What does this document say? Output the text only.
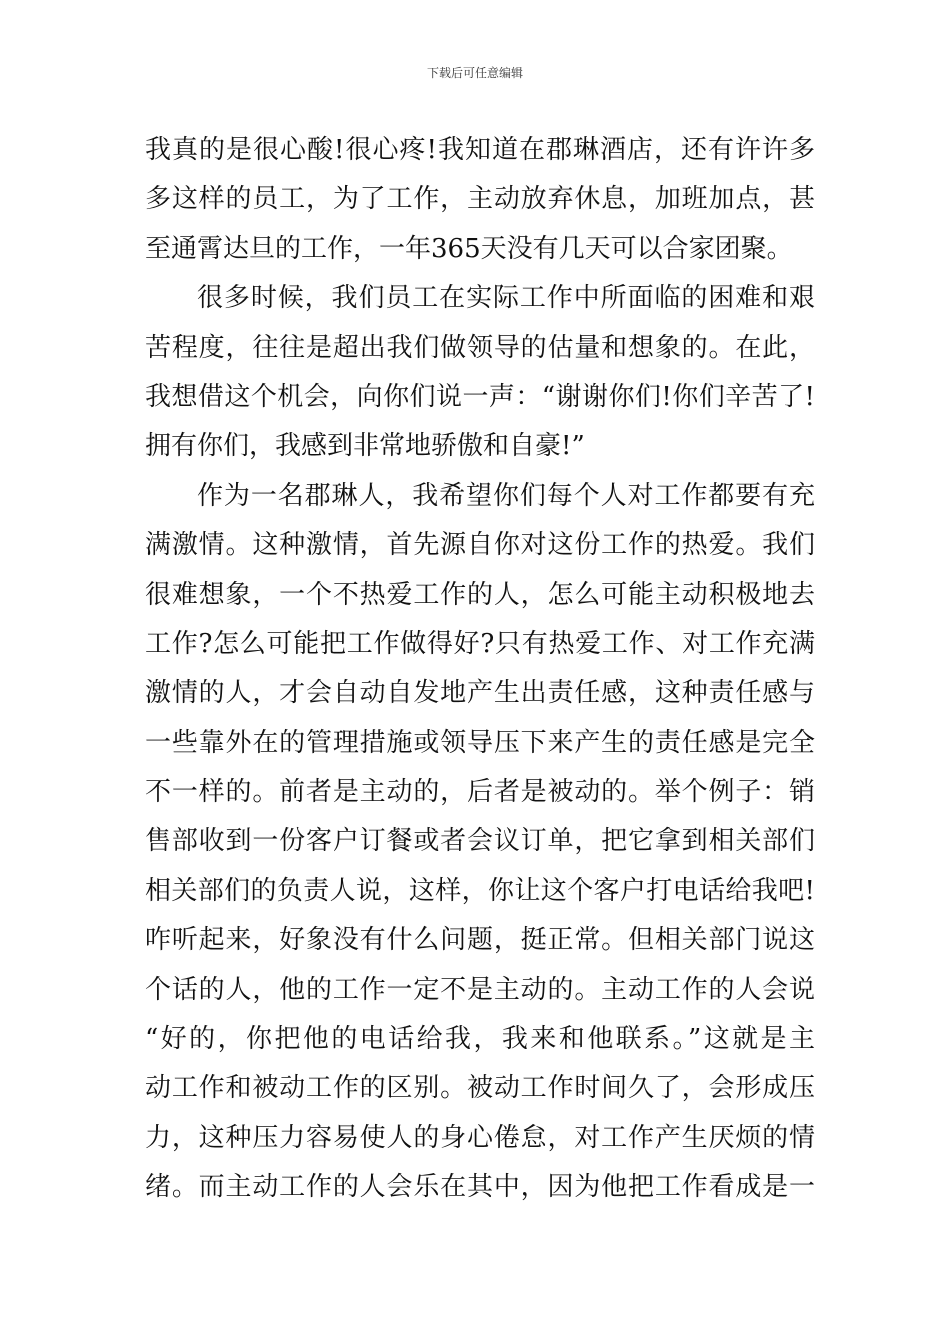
下载后可任意编辑
我真的是很心酸!很心疼!我知道在郡琳酒店，还有许许多
多这样的员工，为了工作，主动放弃休息，加班加点，甚
至通霄达旦的工作，一年365天没有几天可以合家团聚。
很多时候，我们员工在实际工作中所面临的困难和艰
苦程度，往往是超出我们做领导的估量和想象的。在此，
我想借这个机会，向你们说一声：“谢谢你们!你们辛苦了!
拥有你们，我感到非常地骄傲和自豪!”
作为一名郡琳人，我希望你们每个人对工作都要有充
满激情。这种激情，首先源自你对这份工作的热爱。我们
很难想象，一个不热爱工作的人，怎么可能主动积极地去
工作?怎么可能把工作做得好?只有热爱工作、对工作充满
激情的人，才会自动自发地产生出责任感，这种责任感与
一些靠外在的管理措施或领导压下来产生的责任感是完全
不一样的。前者是主动的，后者是被动的。举个例子：销
售部收到一份客户订餐或者会议订单，把它拿到相关部们
相关部们的负责人说，这样，你让这个客户打电话给我吧!
咋听起来，好象没有什么问题，挺正常。但相关部门说这
个话的人，他的工作一定不是主动的。主动工作的人会说
“好的，你把他的电话给我，我来和他联系。”这就是主
动工作和被动工作的区别。被动工作时间久了，会形成压
力，这种压力容易使人的身心倦怠，对工作产生厌烦的情
绪。而主动工作的人会乐在其中，因为他把工作看成是一
